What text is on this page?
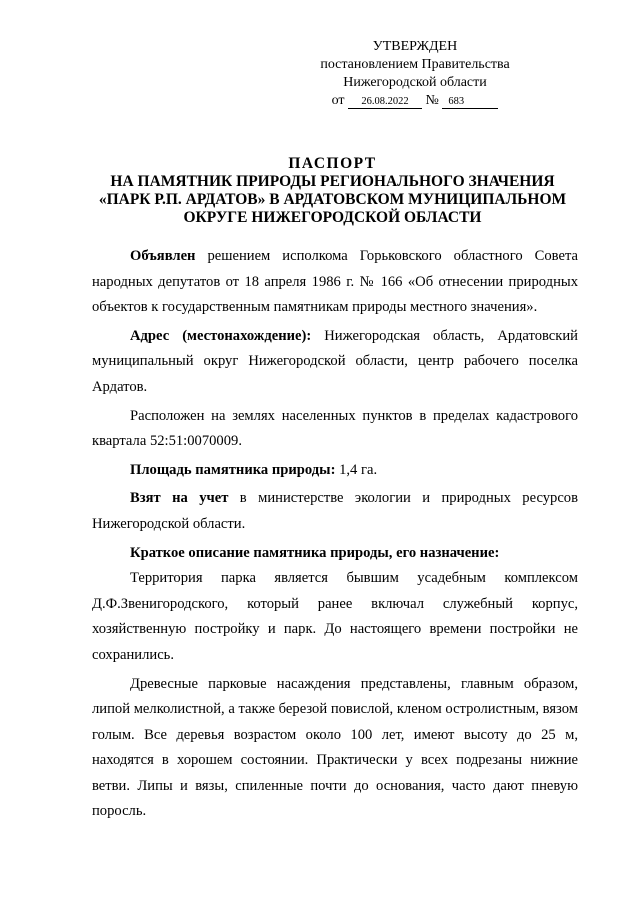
УТВЕРЖДЕН
постановлением Правительства
Нижегородской области
от 26.08.2022 № 683
ПАСПОРТ
НА ПАМЯТНИК ПРИРОДЫ РЕГИОНАЛЬНОГО ЗНАЧЕНИЯ
«ПАРК Р.П. АРДАТОВ» В АРДАТОВСКОМ МУНИЦИПАЛЬНОМ
ОКРУГЕ НИЖЕГОРОДСКОЙ ОБЛАСТИ

Объявлен решением исполкома Горьковского областного Совета народных депутатов от 18 апреля 1986 г. № 166 «Об отнесении природных объектов к государственным памятникам природы местного значения».

Адрес (местонахождение): Нижегородская область, Ардатовский муниципальный округ Нижегородской области, центр рабочего поселка Ардатов.

Расположен на землях населенных пунктов в пределах кадастрового квартала 52:51:0070009.

Площадь памятника природы: 1,4 га.

Взят на учет в министерстве экологии и природных ресурсов Нижегородской области.

Краткое описание памятника природы, его назначение:

Территория парка является бывшим усадебным комплексом Д.Ф.Звенигородского, который ранее включал служебный корпус, хозяйственную постройку и парк. До настоящего времени постройки не сохранились.

Древесные парковые насаждения представлены, главным образом, липой мелколистной, а также березой повислой, кленом остролистным, вязом голым. Все деревья возрастом около 100 лет, имеют высоту до 25 м, находятся в хорошем состоянии. Практически у всех подрезаны нижние ветви. Липы и вязы, спиленные почти до основания, часто дают пневую поросль.
